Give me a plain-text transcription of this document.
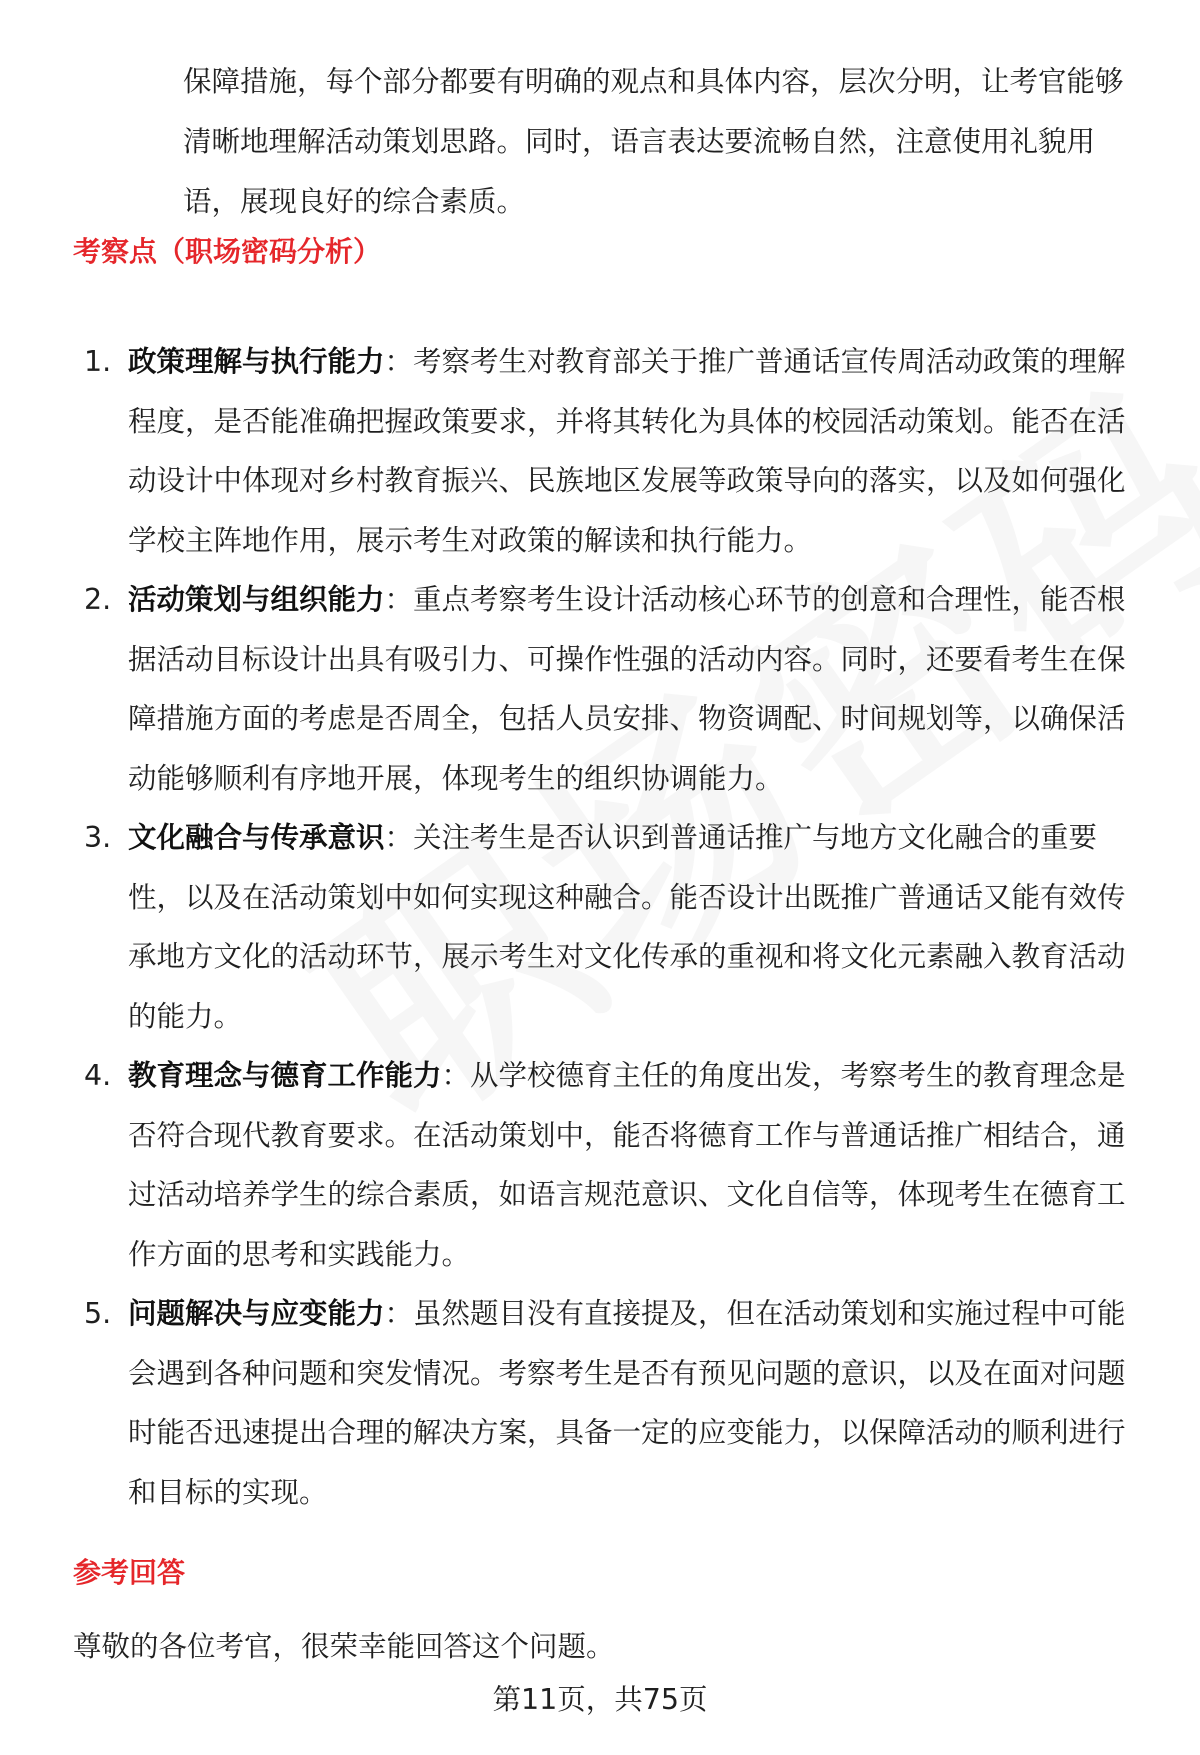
保障措施，每个部分都要有明确的观点和具体内容，层次分明，让考官能够清晰地理解活动策划思路。同时，语言表达要流畅自然，注意使用礼貌用语，展现良好的综合素质。

考察点（职场密码分析）
1. 政策理解与执行能力：考察考生对教育部关于推广普通话宣传周活动政策的理解程度，是否能准确把握政策要求，并将其转化为具体的校园活动策划。能否在活动设计中体现对乡村教育振兴、民族地区发展等政策导向的落实，以及如何强化学校主阵地作用，展示考生对政策的解读和执行能力。
2. 活动策划与组织能力：重点考察考生设计活动核心环节的创意和合理性，能否根据活动目标设计出具有吸引力、可操作性强的活动内容。同时，还要看考生在保障措施方面的考虑是否周全，包括人员安排、物资调配、时间规划等，以确保活动能够顺利有序地开展，体现考生的组织协调能力。
3. 文化融合与传承意识：关注考生是否认识到普通话推广与地方文化融合的重要性，以及在活动策划中如何实现这种融合。能否设计出既推广普通话又能有效传承地方文化的活动环节，展示考生对文化传承的重视和将文化元素融入教育活动的能力。
4. 教育理念与德育工作能力：从学校德育主任的角度出发，考察考生的教育理念是否符合现代教育要求。在活动策划中，能否将德育工作与普通话推广相结合，通过活动培养学生的综合素质，如语言规范意识、文化自信等，体现考生在德育工作方面的思考和实践能力。
5. 问题解决与应变能力：虽然题目没有直接提及，但在活动策划和实施过程中可能会遇到各种问题和突发情况。考察考生是否有预见问题的意识，以及在面对问题时能否迅速提出合理的解决方案，具备一定的应变能力，以保障活动的顺利进行和目标的实现。
参考回答

尊敬的各位考官，很荣幸能回答这个问题。

第11页，共75页
